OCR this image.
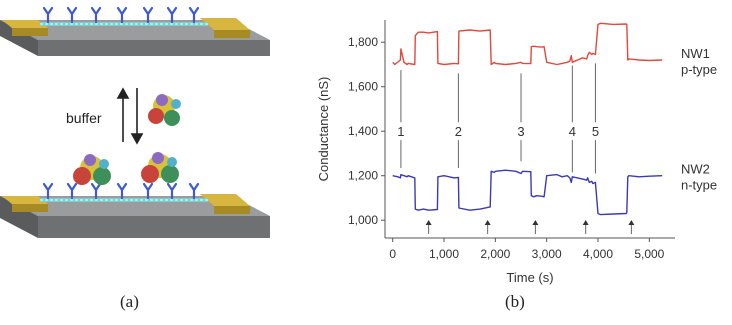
buffer
(a)
1,000
1,200
1,400
1,600
1,800
0	1,000 2,000 3,000 4,000 5,000
Time (s)
Conductance (nS)	1	2	3	4 5
NW1
p-type
NW2
n-type
(b)
